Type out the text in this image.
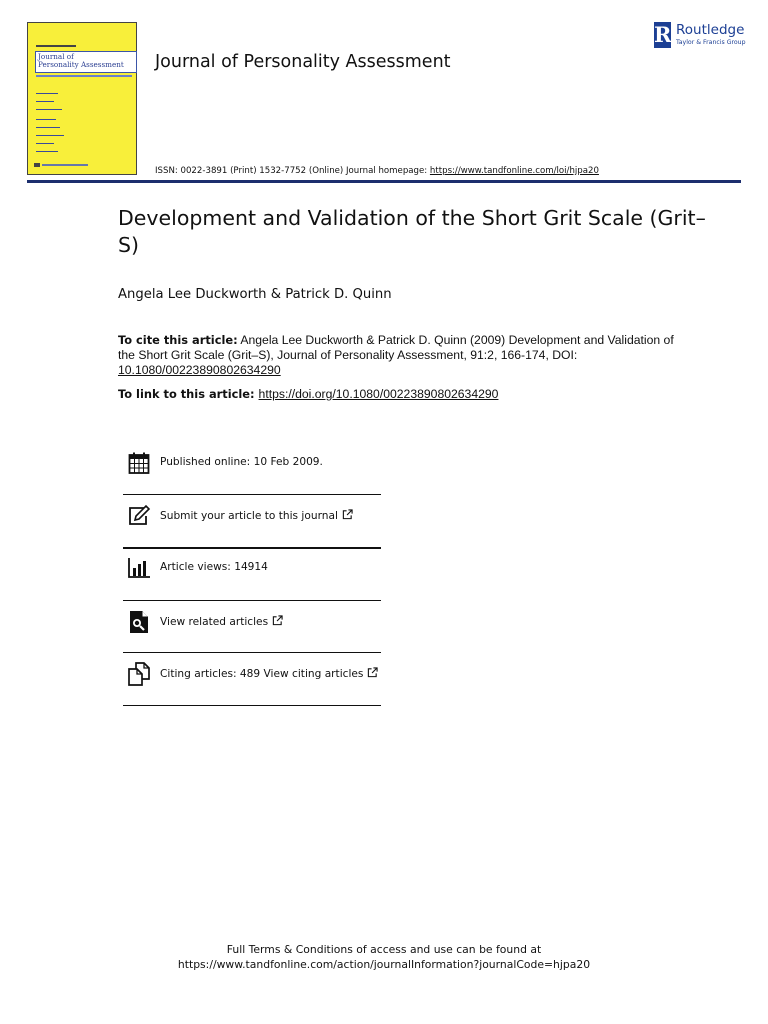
Journal of
Personality Assessment	Journal of Personality Assessment
ISSN: 0022-3891 (Print) 1532-7752 (Online) Journal homepage: https://www.tandfonline.com/loi/hjpa20
R Routledge
Taylor & Francis Group
Development and Validation of the Short Grit Scale (Grit–S)
Angela Lee Duckworth & Patrick D. Quinn
To cite this article: Angela Lee Duckworth & Patrick D. Quinn (2009) Development and Validation of the Short Grit Scale (Grit–S), Journal of Personality Assessment, 91:2, 166-174, DOI: 10.1080/00223890802634290
To link to this article: https://doi.org/10.1080/00223890802634290
Published online: 10 Feb 2009.
Submit your article to this journal
Article views: 14914
View related articles
Citing articles: 489 View citing articles
Full Terms & Conditions of access and use can be found at
https://www.tandfonline.com/action/journalInformation?journalCode=hjpa20
